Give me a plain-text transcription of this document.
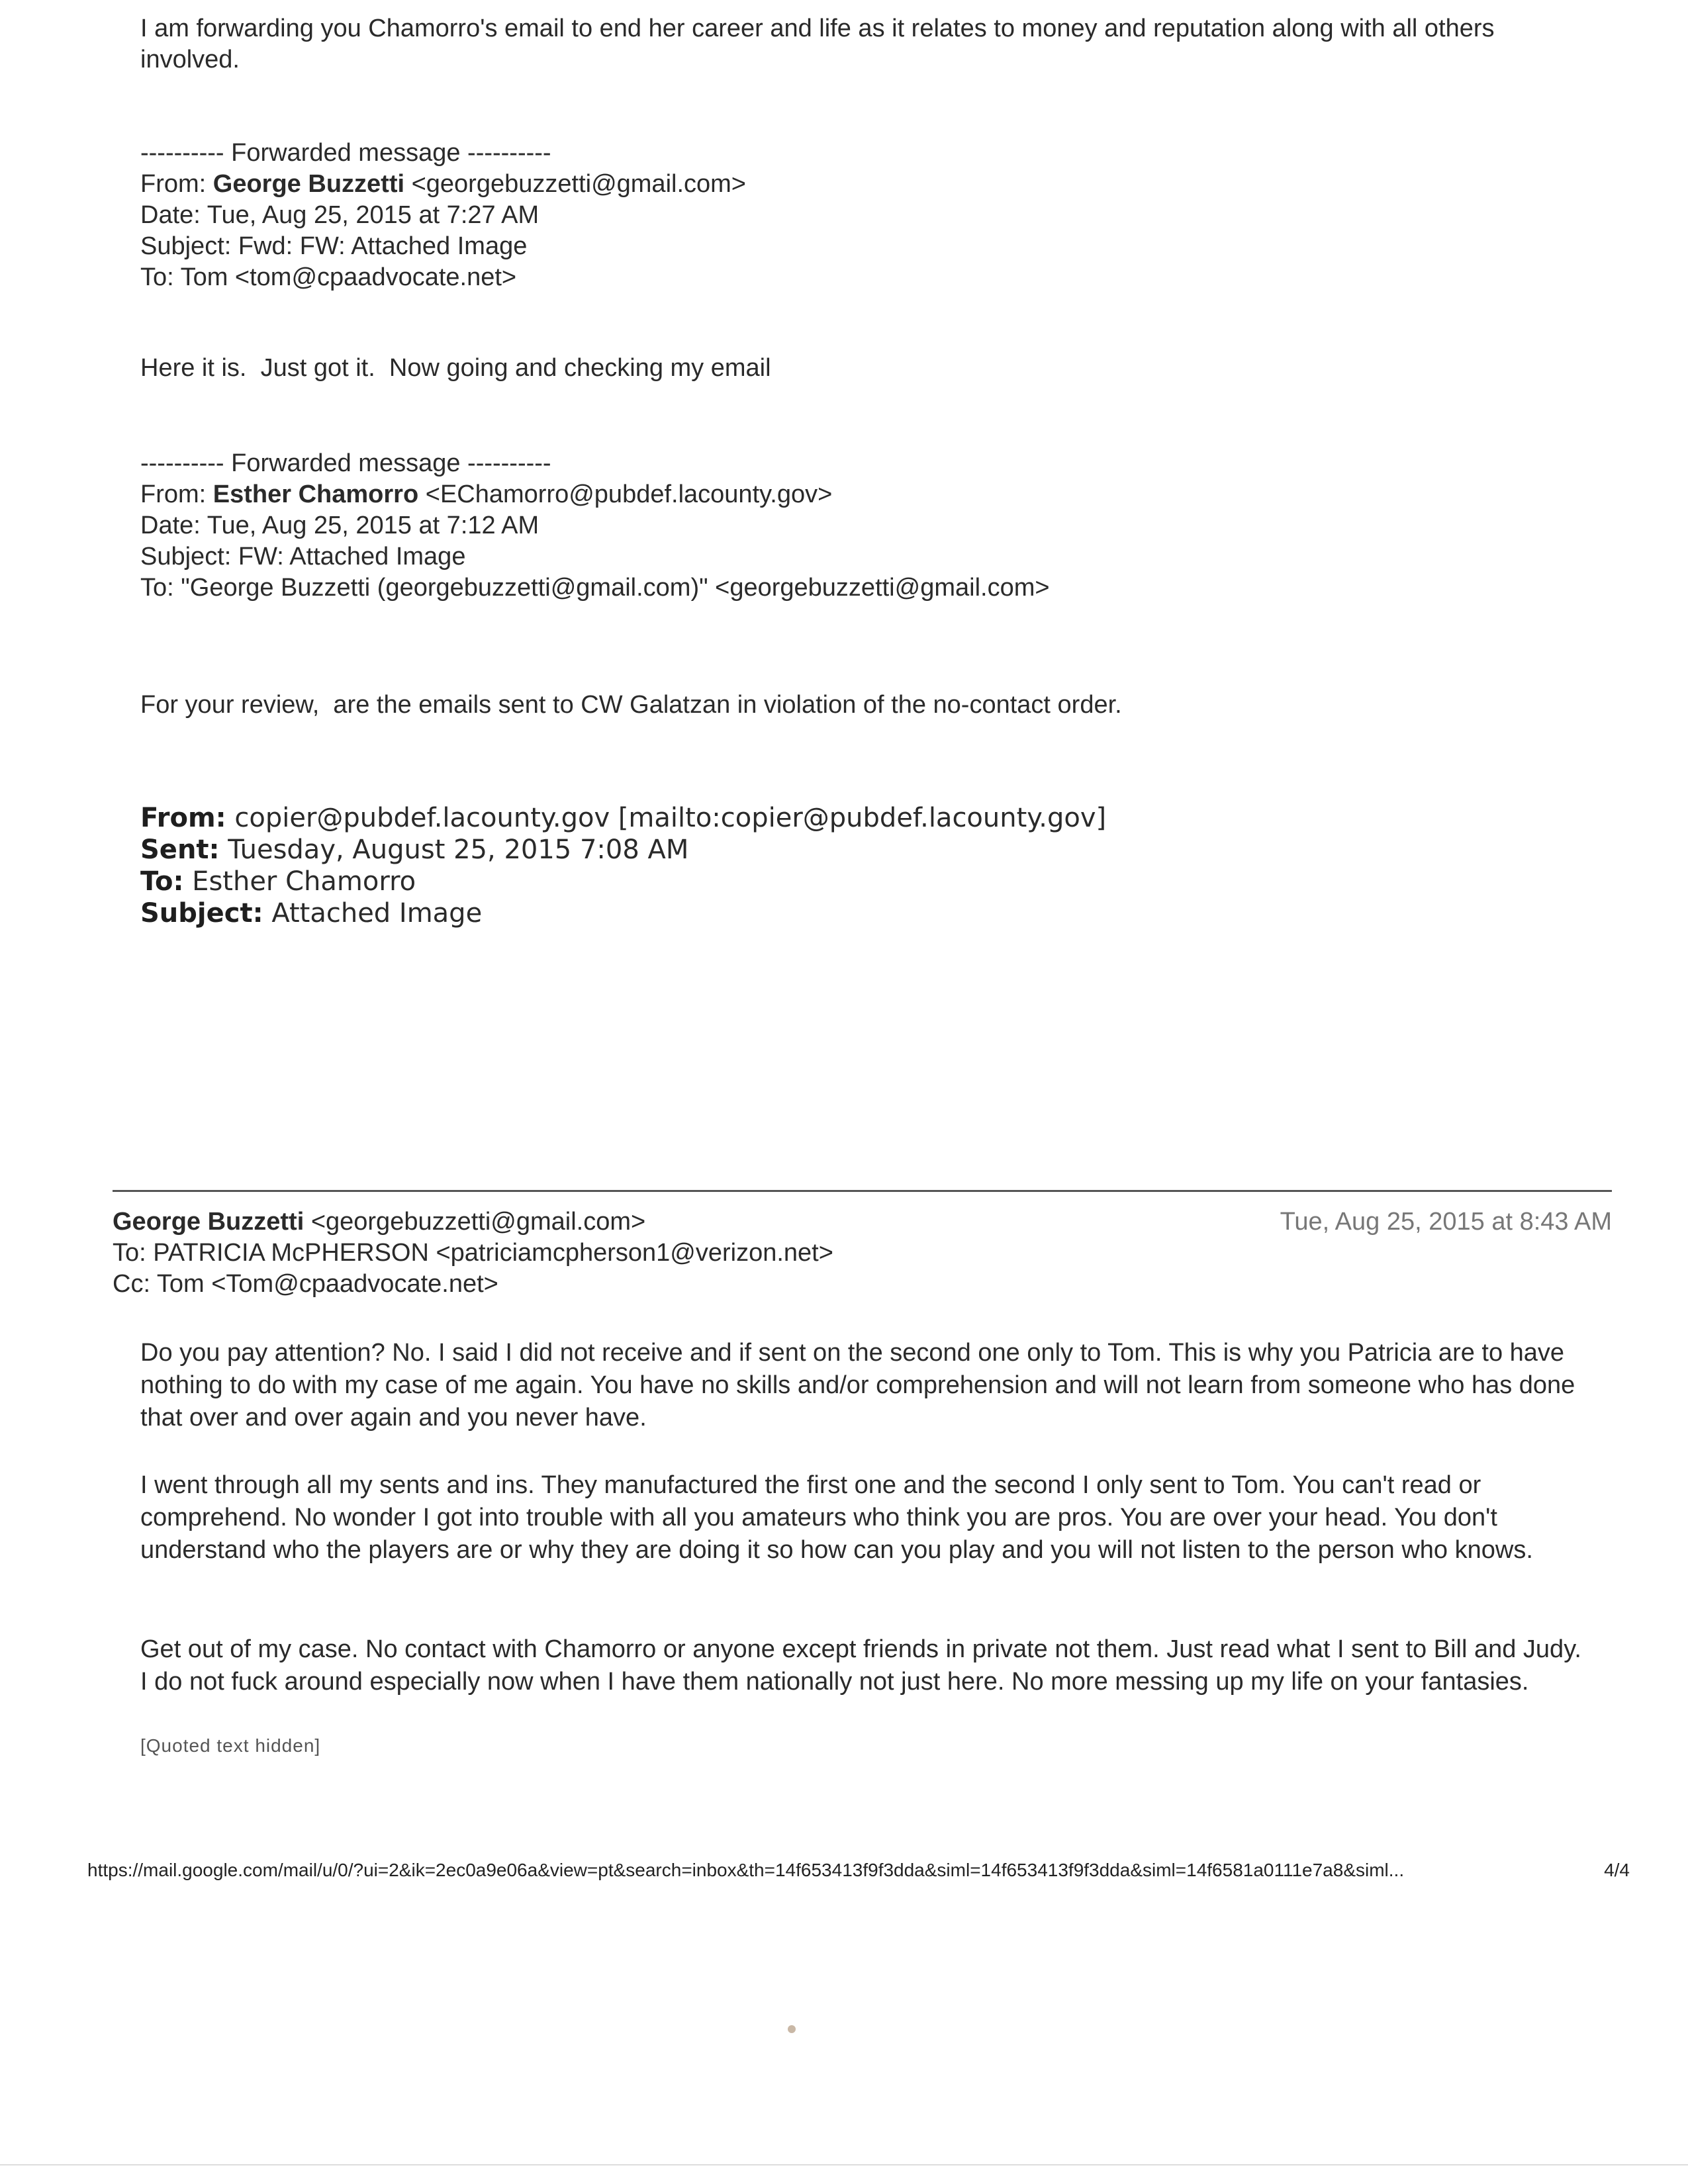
I am forwarding you Chamorro's email to end her career and life as it relates to money and reputation along with all others involved.
---------- Forwarded message ----------
From: George Buzzetti <georgebuzzetti@gmail.com>
Date: Tue, Aug 25, 2015 at 7:27 AM
Subject: Fwd: FW: Attached Image
To: Tom <tom@cpaadvocate.net>
Here it is.  Just got it.  Now going and checking my email
---------- Forwarded message ----------
From: Esther Chamorro <EChamorro@pubdef.lacounty.gov>
Date: Tue, Aug 25, 2015 at 7:12 AM
Subject: FW: Attached Image
To: "George Buzzetti (georgebuzzetti@gmail.com)" <georgebuzzetti@gmail.com>
For your review,  are the emails sent to CW Galatzan in violation of the no-contact order.
From: copier@pubdef.lacounty.gov [mailto:copier@pubdef.lacounty.gov]
Sent: Tuesday, August 25, 2015 7:08 AM
To: Esther Chamorro
Subject: Attached Image
George Buzzetti <georgebuzzetti@gmail.com>	Tue, Aug 25, 2015 at 8:43 AM
To: PATRICIA McPHERSON <patriciamcpherson1@verizon.net>
Cc: Tom <Tom@cpaadvocate.net>
Do you pay attention? No. I said I did not receive and if sent on the second one only to Tom. This is why you Patricia are to have nothing to do with my case of me again. You have no skills and/or comprehension and will not learn from someone who has done that over and over again and you never have.
I went through all my sents and ins. They manufactured the first one and the second I only sent to Tom. You can't read or comprehend. No wonder I got into trouble with all you amateurs who think you are pros. You are over your head. You don't understand who the players are or why they are doing it so how can you play and you will not listen to the person who knows.
Get out of my case. No contact with Chamorro or anyone except friends in private not them. Just read what I sent to Bill and Judy. I do not fuck around especially now when I have them nationally not just here. No more messing up my life on your fantasies.
[Quoted text hidden]
https://mail.google.com/mail/u/0/?ui=2&ik=2ec0a9e06a&view=pt&search=inbox&th=14f653413f9f3dda&siml=14f653413f9f3dda&siml=14f6581a0111e7a8&siml...	4/4
